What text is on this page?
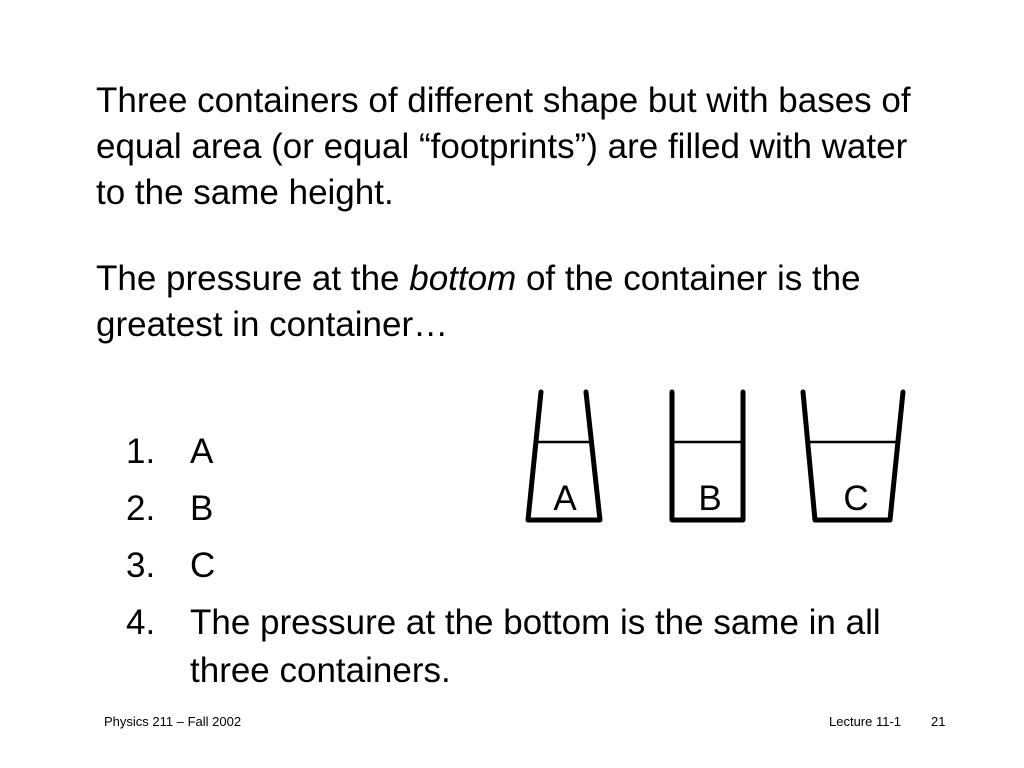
Three containers of different shape but with bases of equal area (or equal “footprints”) are filled with water to the same height.

The pressure at the bottom of the container is the greatest in container…

1. A
2. B
3. C
4. The pressure at the bottom is the same in all three containers.
A	B	C
Physics 211 – Fall 2002	Lecture 11-1 21
